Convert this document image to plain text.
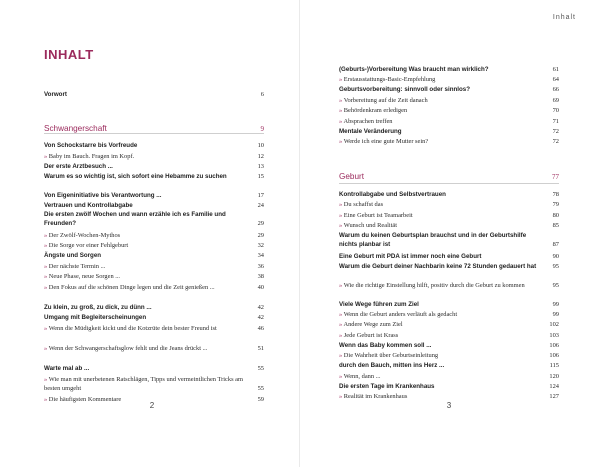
INHALT
Vorwort	6
Schwangerschaft	9
Von Schockstarre bis Vorfreude	10
» Baby im Bauch. Fragen im Kopf.	12
Der erste Arztbesuch ...	13
Warum es so wichtig ist, sich sofort eine Hebamme zu suchen	15
Von Eigeninitiative bis Verantwortung ...	17
Vertrauen und Kontrollabgabe	24
Die ersten zwölf Wochen und wann erzähle ich es Familie und Freunden?	29
» Der Zwölf-Wochen-Mythos	29
» Die Sorge vor einer Fehlgeburt	32
Ängste und Sorgen	34
» Der nächste Termin ...	36
» Neue Phase, neue Sorgen ...	38
» Den Fokus auf die schönen Dinge legen und die Zeit genießen ...	40
Zu klein, zu groß, zu dick, zu dünn ...	42
Umgang mit Begleiterscheinungen	42
» Wenn die Müdigkeit kickt und die Kotzrüte dein bester Freund ist	46
» Wenn der Schwangerschaftsglow fehlt und die Jeans drückt ...	51
Warte mal ab ...	55
» Wie man mit unerbetenen Ratschlägen, Tipps und vermeintlichen Tricks am besten umgeht	55
» Die häufigsten Kommentare	59
2
Inhalt
(Geburts-)Vorbereitung Was braucht man wirklich?	61
» Erstausstattungs-Basic-Empfehlung	64
Geburtsvorbereitung: sinnvoll oder sinnlos?	66
» Vorbereitung auf die Zeit danach	69
» Behördenkram erledigen	70
» Absprachen treffen	71
Mentale Veränderung	72
» Werde ich eine gute Mutter sein?	72
Geburt	77
Kontrollabgabe und Selbstvertrauen	78
» Du schaffst das	79
» Eine Geburt ist Teamarbeit	80
» Wunsch und Realität	85
Warum du keinen Geburtsplan brauchst und in der Geburtshilfe nichts planbar ist	87
Eine Geburt mit PDA ist immer noch eine Geburt	90
Warum die Geburt deiner Nachbarin keine 72 Stunden gedauert hat	95
» Wie die richtige Einstellung hilft, positiv durch die Geburt zu kommen	95
Viele Wege führen zum Ziel	99
» Wenn die Geburt anders verläuft als gedacht	99
» Andere Wege zum Ziel	102
» Jede Geburt ist Krass	103
Wenn das Baby kommen soll ...	106
» Die Wahrheit über Geburtseinleitung	106
durch den Bauch, mitten ins Herz ...	115
» Wenn, dann ...	120
Die ersten Tage im Krankenhaus	124
» Realität im Krankenhaus	127
3
